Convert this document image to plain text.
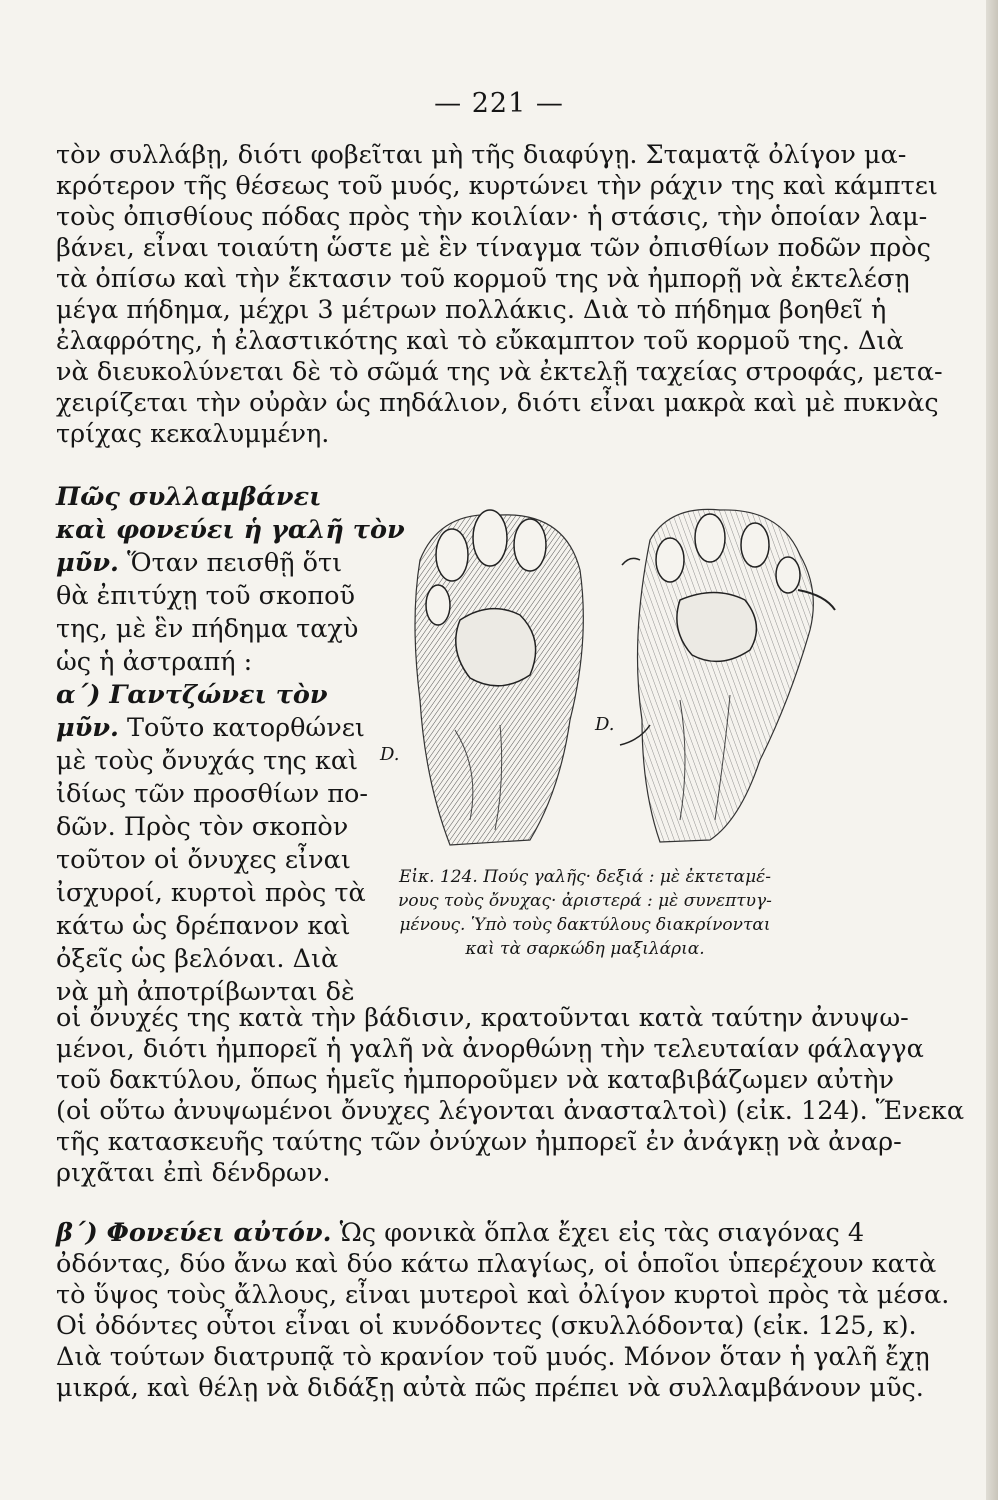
— 221 —
τὸν συλλάβῃ, διότι φοβεῖται μὴ τῆς διαφύγῃ. Σταματᾷ ὀλίγον μα-
κρότερον τῆς θέσεως τοῦ μυός, κυρτώνει τὴν ράχιν της καὶ κάμπτει
τοὺς ὀπισθίους πόδας πρὸς τὴν κοιλίαν· ἡ στάσις, τὴν ὁποίαν λαμ-
βάνει, εἶναι τοιαύτη ὥστε μὲ ἓν τίναγμα τῶν ὀπισθίων ποδῶν πρὸς
τὰ ὀπίσω καὶ τὴν ἔκτασιν τοῦ κορμοῦ της νὰ ἠμπορῇ νὰ ἐκτελέσῃ
μέγα πήδημα, μέχρι 3 μέτρων πολλάκις. Διὰ τὸ πήδημα βοηθεῖ ἡ
ἐλαφρότης, ἡ ἐλαστικότης καὶ τὸ εὔκαμπτον τοῦ κορμοῦ της. Διὰ
νὰ διευκολύνεται δὲ τὸ σῶμά της νὰ ἐκτελῇ ταχείας στροφάς, μετα-
χειρίζεται τὴν οὐρὰν ὡς πηδάλιον, διότι εἶναι μακρὰ καὶ μὲ πυκνὰς
τρίχας κεκαλυμμένη.
Πῶς συλλαμβάνει
καὶ φονεύει ἡ γαλῆ τὸν
μῦν. Ὅταν πεισθῇ ὅτι
θὰ ἐπιτύχῃ τοῦ σκοποῦ
της, μὲ ἓν πήδημα ταχὺ
ὡς ἡ ἀστραπή :
α΄) Γαντζώνει τὸν
μῦν. Τοῦτο κατορθώνει
μὲ τοὺς ὄνυχάς της καὶ
ἰδίως τῶν προσθίων πο-
δῶν. Πρὸς τὸν σκοπὸν
τοῦτον οἱ ὄνυχες εἶναι
ἰσχυροί, κυρτοὶ πρὸς τὰ
κάτω ὡς δρέπανον καὶ
ὀξεῖς ὡς βελόναι. Διὰ
νὰ μὴ ἀποτρίβωνται δὲ
D.
D.
Εἰκ. 124. Πούς γαλῆς· δεξιά : μὲ ἐκτεταμέ-
νους τοὺς ὄνυχας· ἀριστερά : μὲ συνεπτυγ-
μένους. Ὑπὸ τοὺς δακτύλους διακρίνονται
καὶ τὰ σαρκώδη μαξιλάρια.
οἱ ὄνυχές της κατὰ τὴν βάδισιν, κρατοῦνται κατὰ ταύτην ἀνυψω-
μένοι, διότι ἠμπορεῖ ἡ γαλῆ νὰ ἀνορθώνῃ τὴν τελευταίαν φάλαγγα
τοῦ δακτύλου, ὅπως ἡμεῖς ἠμποροῦμεν νὰ καταβιβάζωμεν αὐτὴν
(οἱ οὕτω ἀνυψωμένοι ὄνυχες λέγονται ἀνασταλτοὶ) (εἰκ. 124). Ἕνεκα
τῆς κατασκευῆς ταύτης τῶν ὀνύχων ἠμπορεῖ ἐν ἀνάγκῃ νὰ ἀναρ-
ριχᾶται ἐπὶ δένδρων.
β΄) Φονεύει αὐτόν. Ὡς φονικὰ ὅπλα ἔχει εἰς τὰς σιαγόνας 4
ὀδόντας, δύο ἄνω καὶ δύο κάτω πλαγίως, οἱ ὁποῖοι ὑπερέχουν κατὰ
τὸ ὕψος τοὺς ἄλλους, εἶναι μυτεροὶ καὶ ὀλίγον κυρτοὶ πρὸς τὰ μέσα.
Οἱ ὀδόντες οὗτοι εἶναι οἱ κυνόδοντες (σκυλλόδοντα) (εἰκ. 125, κ).
Διὰ τούτων διατρυπᾷ τὸ κρανίον τοῦ μυός. Μόνον ὅταν ἡ γαλῆ ἔχῃ
μικρά, καὶ θέλῃ νὰ διδάξῃ αὐτὰ πῶς πρέπει νὰ συλλαμβάνουν μῦς.
